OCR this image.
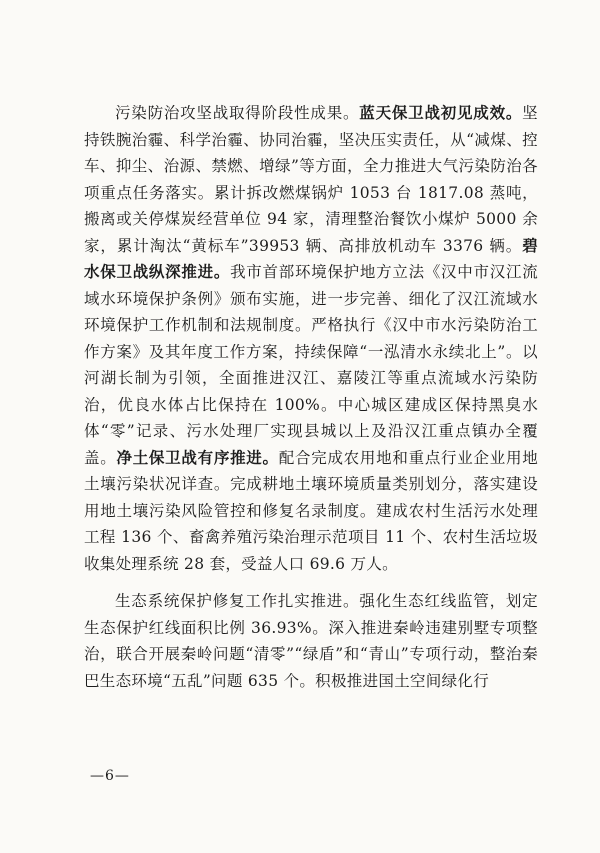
污染防治攻坚战取得阶段性成果。蓝天保卫战初见成效。坚持铁腕治霾、科学治霾、协同治霾，坚决压实责任，从“减煤、控车、抑尘、治源、禁燃、增绿”等方面，全力推进大气污染防治各项重点任务落实。累计拆改燃煤锅炉 1053 台 1817.08 蒸吨，搬离或关停煤炭经营单位 94 家，清理整治餐饮小煤炉 5000 余家，累计淘汰“黄标车”39953 辆、高排放机动车 3376 辆。碧水保卫战纵深推进。我市首部环境保护地方立法《汉中市汉江流域水环境保护条例》颁布实施，进一步完善、细化了汉江流域水环境保护工作机制和法规制度。严格执行《汉中市水污染防治工作方案》及其年度工作方案，持续保障“一泓清水永续北上”。以河湖长制为引领，全面推进汉江、嘉陵江等重点流域水污染防治，优良水体占比保持在 100%。中心城区建成区保持黑臭水体“零”记录、污水处理厂实现县城以上及沿汉江重点镇办全覆盖。净土保卫战有序推进。配合完成农用地和重点行业企业用地土壤污染状况详查。完成耕地土壤环境质量类别划分，落实建设用地土壤污染风险管控和修复名录制度。建成农村生活污水处理工程 136 个、畜禽养殖污染治理示范项目 11 个、农村生活垃圾收集处理系统 28 套，受益人口 69.6 万人。

生态系统保护修复工作扎实推进。强化生态红线监管，划定生态保护红线面积比例 36.93%。深入推进秦岭违建别墅专项整治，联合开展秦岭问题“清零”“绿盾”和“青山”专项行动，整治秦巴生态环境“五乱”问题 635 个。积极推进国土空间绿化行

—6—
